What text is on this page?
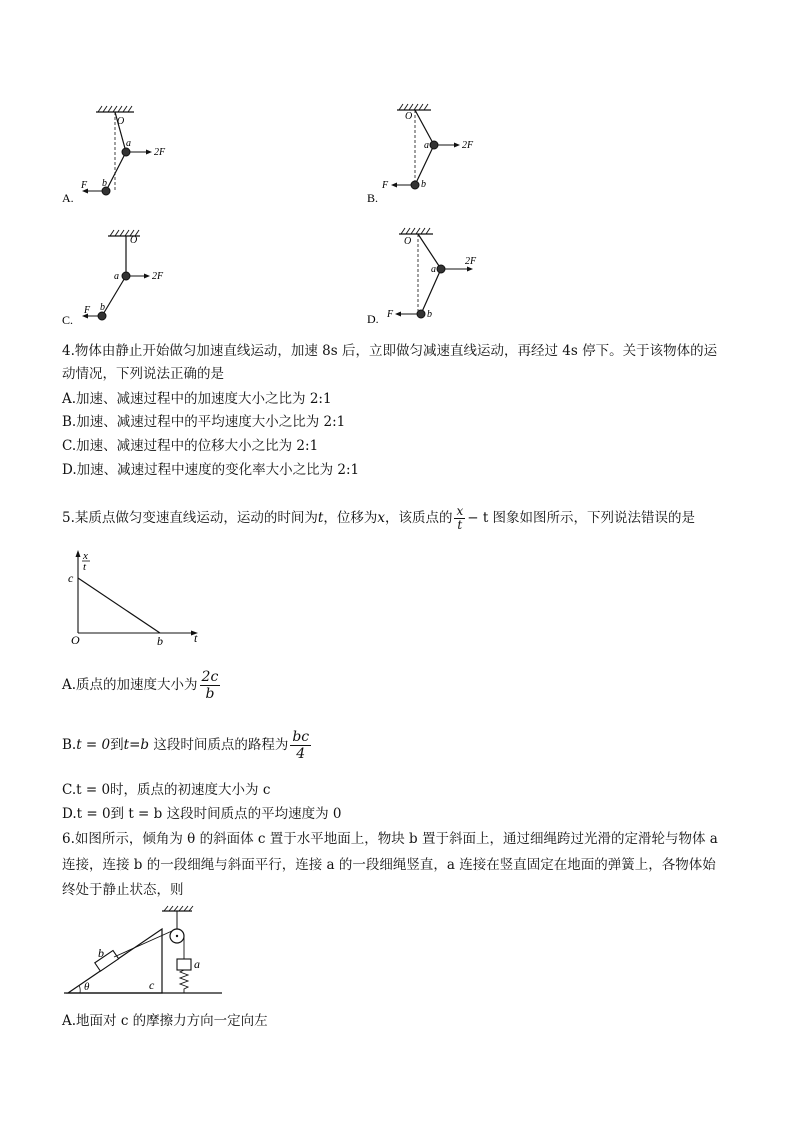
O
a
b
F
2F
A.
O
a
b
F
2F
B.
O
a
b
F
2F
C.
O
a
b
F
2F
D.
4.物体由静止开始做匀加速直线运动，加速 8s 后，立即做匀减速直线运动，再经过 4s 停下。关于该物体的运
动情况，下列说法正确的是
A.加速、减速过程中的加速度大小之比为 2:1
B.加速、减速过程中的平均速度大小之比为 2:1
C.加速、减速过程中的位移大小之比为 2:1
D.加速、减速过程中速度的变化率大小之比为 2:1
5.某质点做匀变速直线运动，运动的时间为t，位移为x，该质点的 $\frac{x}{t} - t$ 图象如图所示，下列说法错误的是
x
t
c
O	b	t
A.质点的加速度大小为 $\frac{2c}{b}$
B.t = 0到t=b 这段时间质点的路程为 $\frac{bc}{4}$
C.t = 0时，质点的初速度大小为 c
D.t = 0到 t = b 这段时间质点的平均速度为 0
6.如图所示，倾角为 θ 的斜面体 c 置于水平地面上，物块 b 置于斜面上，通过细绳跨过光滑的定滑轮与物体 a
连接，连接 b 的一段细绳与斜面平行，连接 a 的一段细绳竖直，a 连接在竖直固定在地面的弹簧上，各物体始
终处于静止状态，则
b
a
c
θ
A.地面对 c 的摩擦力方向一定向左
